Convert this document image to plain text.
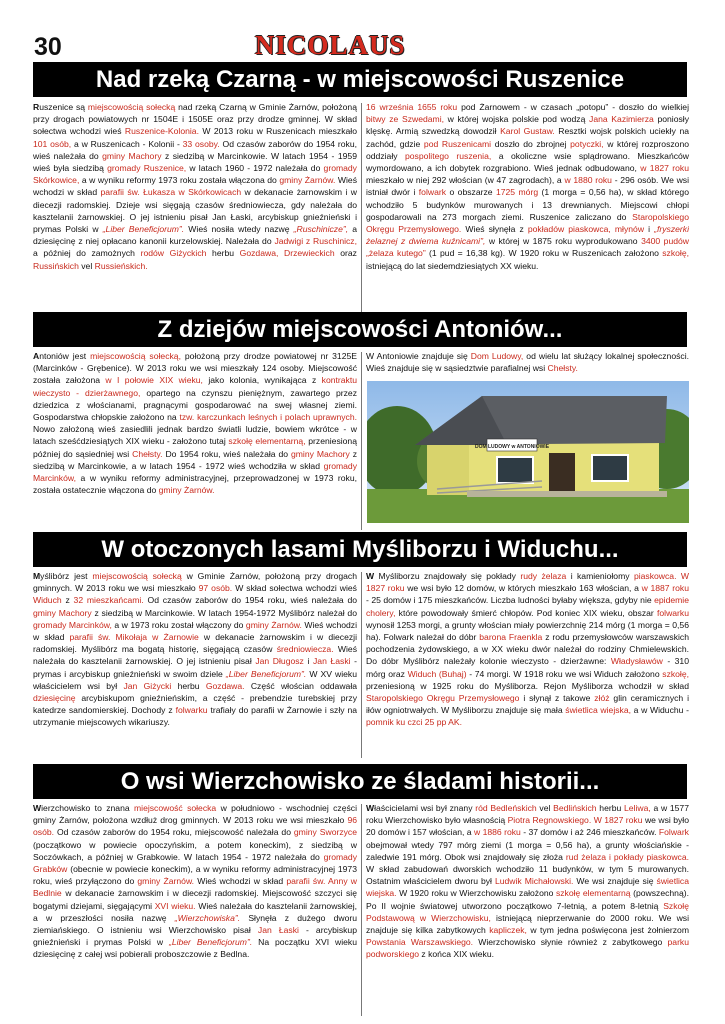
30	NICOLAUS
Nad rzeką Czarną - w miejscowości Ruszenice
Ruszenice są miejscowością sołecką nad rzeką Czarną w Gminie Żarnów, położoną przy drogach powiatowych nr 1504E i 1505E oraz przy drodze gminnej. W skład sołectwa wchodzi wieś Ruszenice-Kolonia. W 2013 roku w Ruszenicach mieszkało 101 osób, a w Ruszenicach - Kolonii - 33 osoby. Od czasów zaborów do 1954 roku, wieś należała do gminy Machory z siedzibą w Marcinkowie. W latach 1954 - 1959 wieś była siedzibą gromady Ruszenice, w latach 1960 - 1972 należała do gromady Skórkowice, a w wyniku reformy 1973 roku została włączona do gminy Żarnów. Wieś wchodzi w skład parafii św. Łukasza w Skórkowicach w dekanacie żarnowskim i w diecezji radomskiej. Dzieje wsi sięgają czasów średniowiecza, gdy należała do kasztelanii żarnowskiej. O jej istnieniu pisał Jan Łaski, arcybiskup gnieźnieński i prymas Polski w „Liber Beneficjorum”. Wieś nosiła wtedy nazwę „Ruschinicze”, a dziesięcinę z niej opłacano kanonii kurzelowskiej. Należała do Jadwigi z Ruschinicz, a później do zamożnych rodów Giżyckich herbu Gozdawa, Drzewieckich oraz Russińskich vel Russieńskich.
16 września 1655 roku pod Żarnowem - w czasach „potopu” - doszło do wielkiej bitwy ze Szwedami, w której wojska polskie pod wodzą Jana Kazimierza poniosły klęskę. Armią szwedzką dowodził Karol Gustaw. Resztki wojsk polskich uciekły na zachód, gdzie pod Ruszenicami doszło do zbrojnej potyczki, w której rozproszono oddziały pospolitego ruszenia, a okoliczne wsie splądrowano. Mieszkańców wymordowano, a ich dobytek rozgrabiono. Wieś jednak odbudowano, w 1827 roku mieszkało w niej 292 włościan (w 47 zagrodach), a w 1880 roku - 296 osób. We wsi istniał dwór i folwark o obszarze 1725 mórg (1 morga = 0,56 ha), w skład którego wchodziło 5 budynków murowanych i 13 drewnianych. Miejscowi chłopi gospodarowali na 273 morgach ziemi. Ruszenice zaliczano do Staropolskiego Okręgu Przemysłowego. Wieś słynęła z pokładów piaskowca, młynów i „fryszerki żelaznej z dwiema kuźnicami”, w której w 1875 roku wyprodukowano 3400 pudów „żelaza kutego” (1 pud = 16,38 kg). W 1920 roku w Ruszenicach założono szkołę, istniejącą do lat siedemdziesiątych XX wieku.
Z dziejów miejscowości Antoniów...
Antoniów jest miejscowością sołecką, położoną przy drodze powiatowej nr 3125E (Marcinków - Grębenice). W 2013 roku we wsi mieszkały 124 osoby. Miejscowość została założona w I połowie XIX wieku, jako kolonia, wynikająca z kontraktu wieczysto - dzierżawnego, opartego na czynszu pieniężnym, zawartego przez dziedzica z włościanami, pragnącymi gospodarować na swej własnej ziemi. Gospodarstwa chłopskie założono na tzw. karczunkach leśnych i polach uprawnych. Nowo założoną wieś zasiedlili jednak bardzo światli ludzie, bowiem wkrótce - w latach sześćdziesiątych XIX wieku - założono tutaj szkołę elementarną, przeniesioną później do sąsiedniej wsi Chełsty. Do 1954 roku, wieś należała do gminy Machory z siedzibą w Marcinkowie, a w latach 1954 - 1972 wieś wchodziła w skład gromady Marcinków, a w wyniku reformy administracyjnej, przeprowadzonej w 1973 roku, została ostatecznie włączona do gminy Żarnów.
W Antoniowie znajduje się Dom Ludowy, od wielu lat służący lokalnej społeczności. Wieś znajduje się w sąsiedztwie parafialnej wsi Chełsty.
DOM LUDOWY w ANTONIOWIE
W otoczonych lasami Myśliborzu i Widuchu...
Myślibórz jest miejscowością sołecką w Gminie Żarnów, położoną przy drogach gminnych. W 2013 roku we wsi mieszkało 97 osób. W skład sołectwa wchodzi wieś Widuch z 32 mieszkańcami. Od czasów zaborów do 1954 roku, wieś należała do gminy Machory z siedzibą w Marcinkowie. W latach 1954-1972 Myślibórz należał do gromady Marcinków, a w 1973 roku został włączony do gminy Żarnów. Wieś wchodzi w skład parafii św. Mikołaja w Żarnowie w dekanacie żarnowskim i w diecezji radomskiej. Myślibórz ma bogatą historię, sięgającą czasów średniowiecza. Wieś należała do kasztelanii żarnowskiej. O jej istnieniu pisał Jan Długosz i Jan Łaski - prymas i arcybiskup gnieźnieński w swoim dziele „Liber Beneficjorum”. W XV wieku właścicielem wsi był Jan Giżycki herbu Gozdawa. Część włościan oddawała dziesięcinę arcybiskupom gnieźnieńskim, a część - prebendzie turebskiej przy katedrze sandomierskiej. Dochody z folwarku trafiały do parafii w Żarnowie i szły na utrzymanie miejscowych wikariuszy.
W Myśliborzu znajdowały się pokłady rudy żelaza i kamieniołomy piaskowca. W 1827 roku we wsi było 12 domów, w których mieszkało 163 włościan, a w 1887 roku - 25 domów i 175 mieszkańców. Liczba ludności byłaby większa, gdyby nie epidemie cholery, które powodowały śmierć chłopów. Pod koniec XIX wieku, obszar folwarku wynosił 1253 morgi, a grunty włościan miały powierzchnię 214 mórg (1 morga = 0,56 ha). Folwark należał do dóbr barona Fraenkla z rodu przemysłowców warszawskich pochodzenia żydowskiego, a w XX wieku dwór należał do rodziny Chmielewskich. Do dóbr Myślibórz należały kolonie wieczysto - dzierżawne: Władysławów - 310 mórg oraz Widuch (Buhaj) - 74 morgi. W 1918 roku we wsi Widuch założono szkołę, przeniesioną w 1925 roku do Myśliborza. Rejon Myśliborza wchodził w skład Staropolskiego Okręgu Przemysłowego i słynął z takowe złóż glin ceramicznych i iłów ogniotrwałych. W Myśliborzu znajduje się mała świetlica wiejska, a w Widuchu - pomnik ku czci 25 pp AK.
O wsi Wierzchowisko ze śladami historii...
Wierzchowisko to znana miejscowość sołecka w południowo - wschodniej części gminy Żarnów, położona wzdłuż drog gminnych. W 2013 roku we wsi mieszkało 96 osób. Od czasów zaborów do 1954 roku, miejscowość należała do gminy Sworzyce (początkowo w powiecie opoczyńskim, a potem koneckim), z siedzibą w Soczówkach, a później w Grabkowie. W latach 1954 - 1972 należała do gromady Grabków (obecnie w powiecie koneckim), a w wyniku reformy administracyjnej 1973 roku, wieś przyłączono do gminy Żarnów. Wieś wchodzi w skład parafii św. Anny w Bedlnie w dekanacie żarnowskim i w diecezji radomskiej. Miejscowość szczyci się bogatymi dziejami, sięgającymi XVI wieku. Wieś należała do kasztelanii żarnowskiej, a w przeszłości nosiła nazwę „Wierzchowiska”. Słynęła z dużego dworu ziemiańskiego. O istnieniu wsi Wierzchowisko pisał Jan Łaski - arcybiskup gnieźnieński i prymas Polski w „Liber Beneficjorum”. Na początku XVI wieku dziesięcinę z całej wsi pobierali proboszczowie z Bedlna.
Właścicielami wsi był znany ród Bedleńskich vel Bedlińskich herbu Leliwa, a w 1577 roku Wierzchowisko było własnością Piotra Regnowskiego. W 1827 roku we wsi było 20 domów i 157 włościan, a w 1886 roku - 37 domów i aż 246 mieszkańców. Folwark obejmował wtedy 797 mórg ziemi (1 morga = 0,56 ha), a grunty włościańskie - zaledwie 191 mórg. Obok wsi znajdowały się złoża rud żelaza i pokłady piaskowca. W skład zabudowań dworskich wchodziło 11 budynków, w tym 5 murowanych. Ostatnim właścicielem dworu był Ludwik Michałowski. We wsi znajduje się świetlica wiejska. W 1920 roku w Wierzchowisku założono szkołę elementarną (powszechną). Po II wojnie światowej utworzono początkowo 7-letnią, a potem 8-letnią Szkołę Podstawową w Wierzchowisku, istniejącą nieprzerwanie do 2000 roku. We wsi znajduje się kilka zabytkowych kapliczek, w tym jedna poświęcona jest żołnierzom Powstania Warszawskiego. Wierzchowisko słynie również z zabytkowego parku podworskiego z końca XIX wieku.
